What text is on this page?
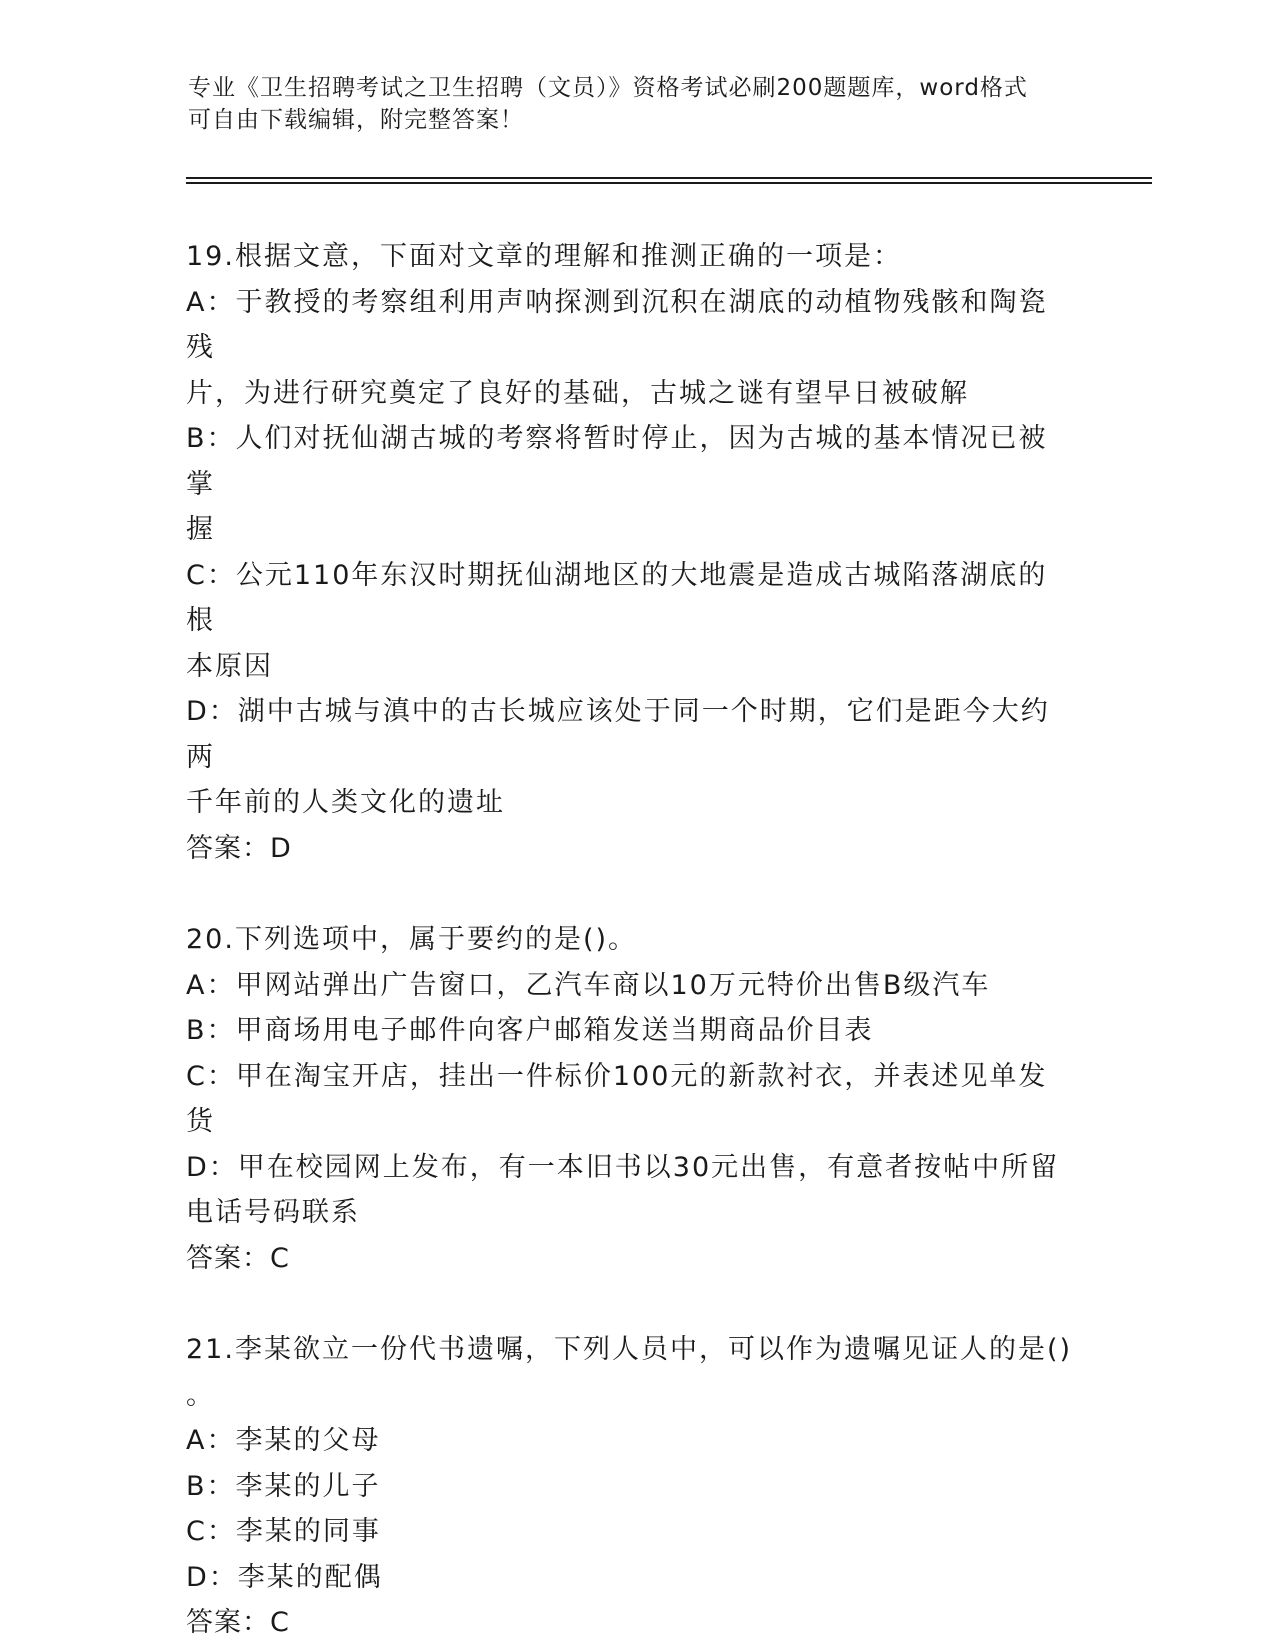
专业《卫生招聘考试之卫生招聘（文员）》资格考试必刷200题题库，word格式
可自由下载编辑，附完整答案！

19.根据文意，下面对文章的理解和推测正确的一项是：

A：于教授的考察组利用声呐探测到沉积在湖底的动植物残骸和陶瓷残

片，为进行研究奠定了良好的基础，古城之谜有望早日被破解

B：人们对抚仙湖古城的考察将暂时停止，因为古城的基本情况已被掌

握

C：公元110年东汉时期抚仙湖地区的大地震是造成古城陷落湖底的根

本原因

D：湖中古城与滇中的古长城应该处于同一个时期，它们是距今大约两

千年前的人类文化的遗址

答案：D

20.下列选项中，属于要约的是()。

A：甲网站弹出广告窗口，乙汽车商以10万元特价出售B级汽车

B：甲商场用电子邮件向客户邮箱发送当期商品价目表

C：甲在淘宝开店，挂出一件标价100元的新款衬衣，并表述见单发货

D：甲在校园网上发布，有一本旧书以30元出售，有意者按帖中所留

电话号码联系

答案：C

21.李某欲立一份代书遗嘱，下列人员中，可以作为遗嘱见证人的是()

。

A：李某的父母

B：李某的儿子

C：李某的同事

D：李某的配偶

答案：C
